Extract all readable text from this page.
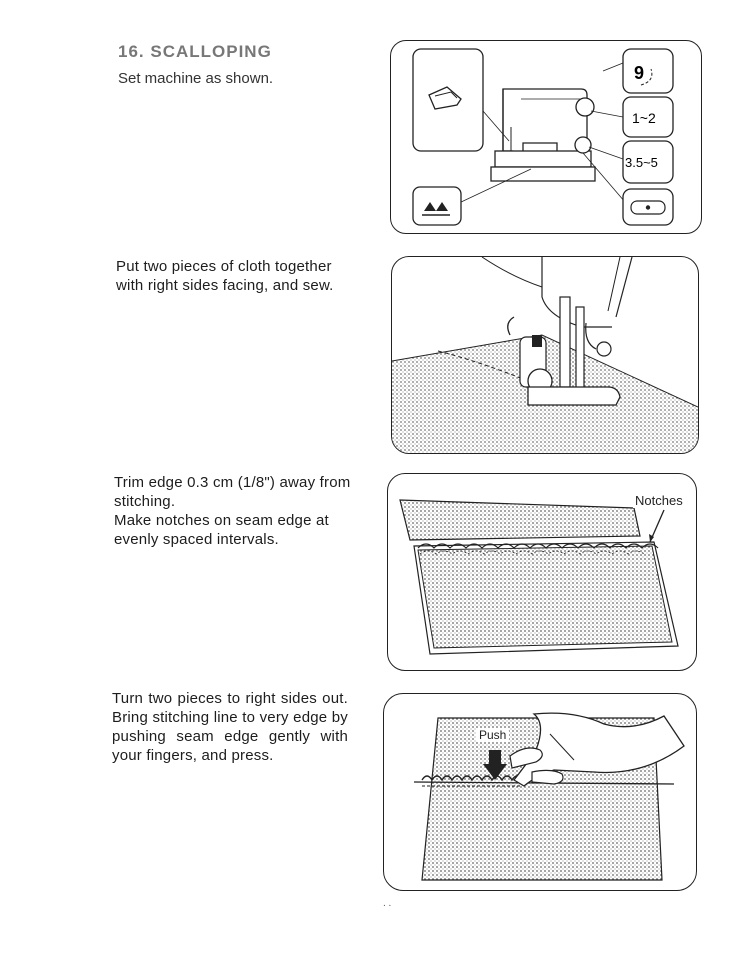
16. SCALLOPING
Set machine as shown.
Put two pieces of cloth together with right sides facing, and sew.
Trim edge 0.3 cm (1/8") away from stitching.
Make notches on seam edge at evenly spaced intervals.
Turn two pieces to right sides out. Bring stitching line to very edge by pushing seam edge gently with your fingers, and press.
9
1~2
3.5~5
Notches
Push
. .
